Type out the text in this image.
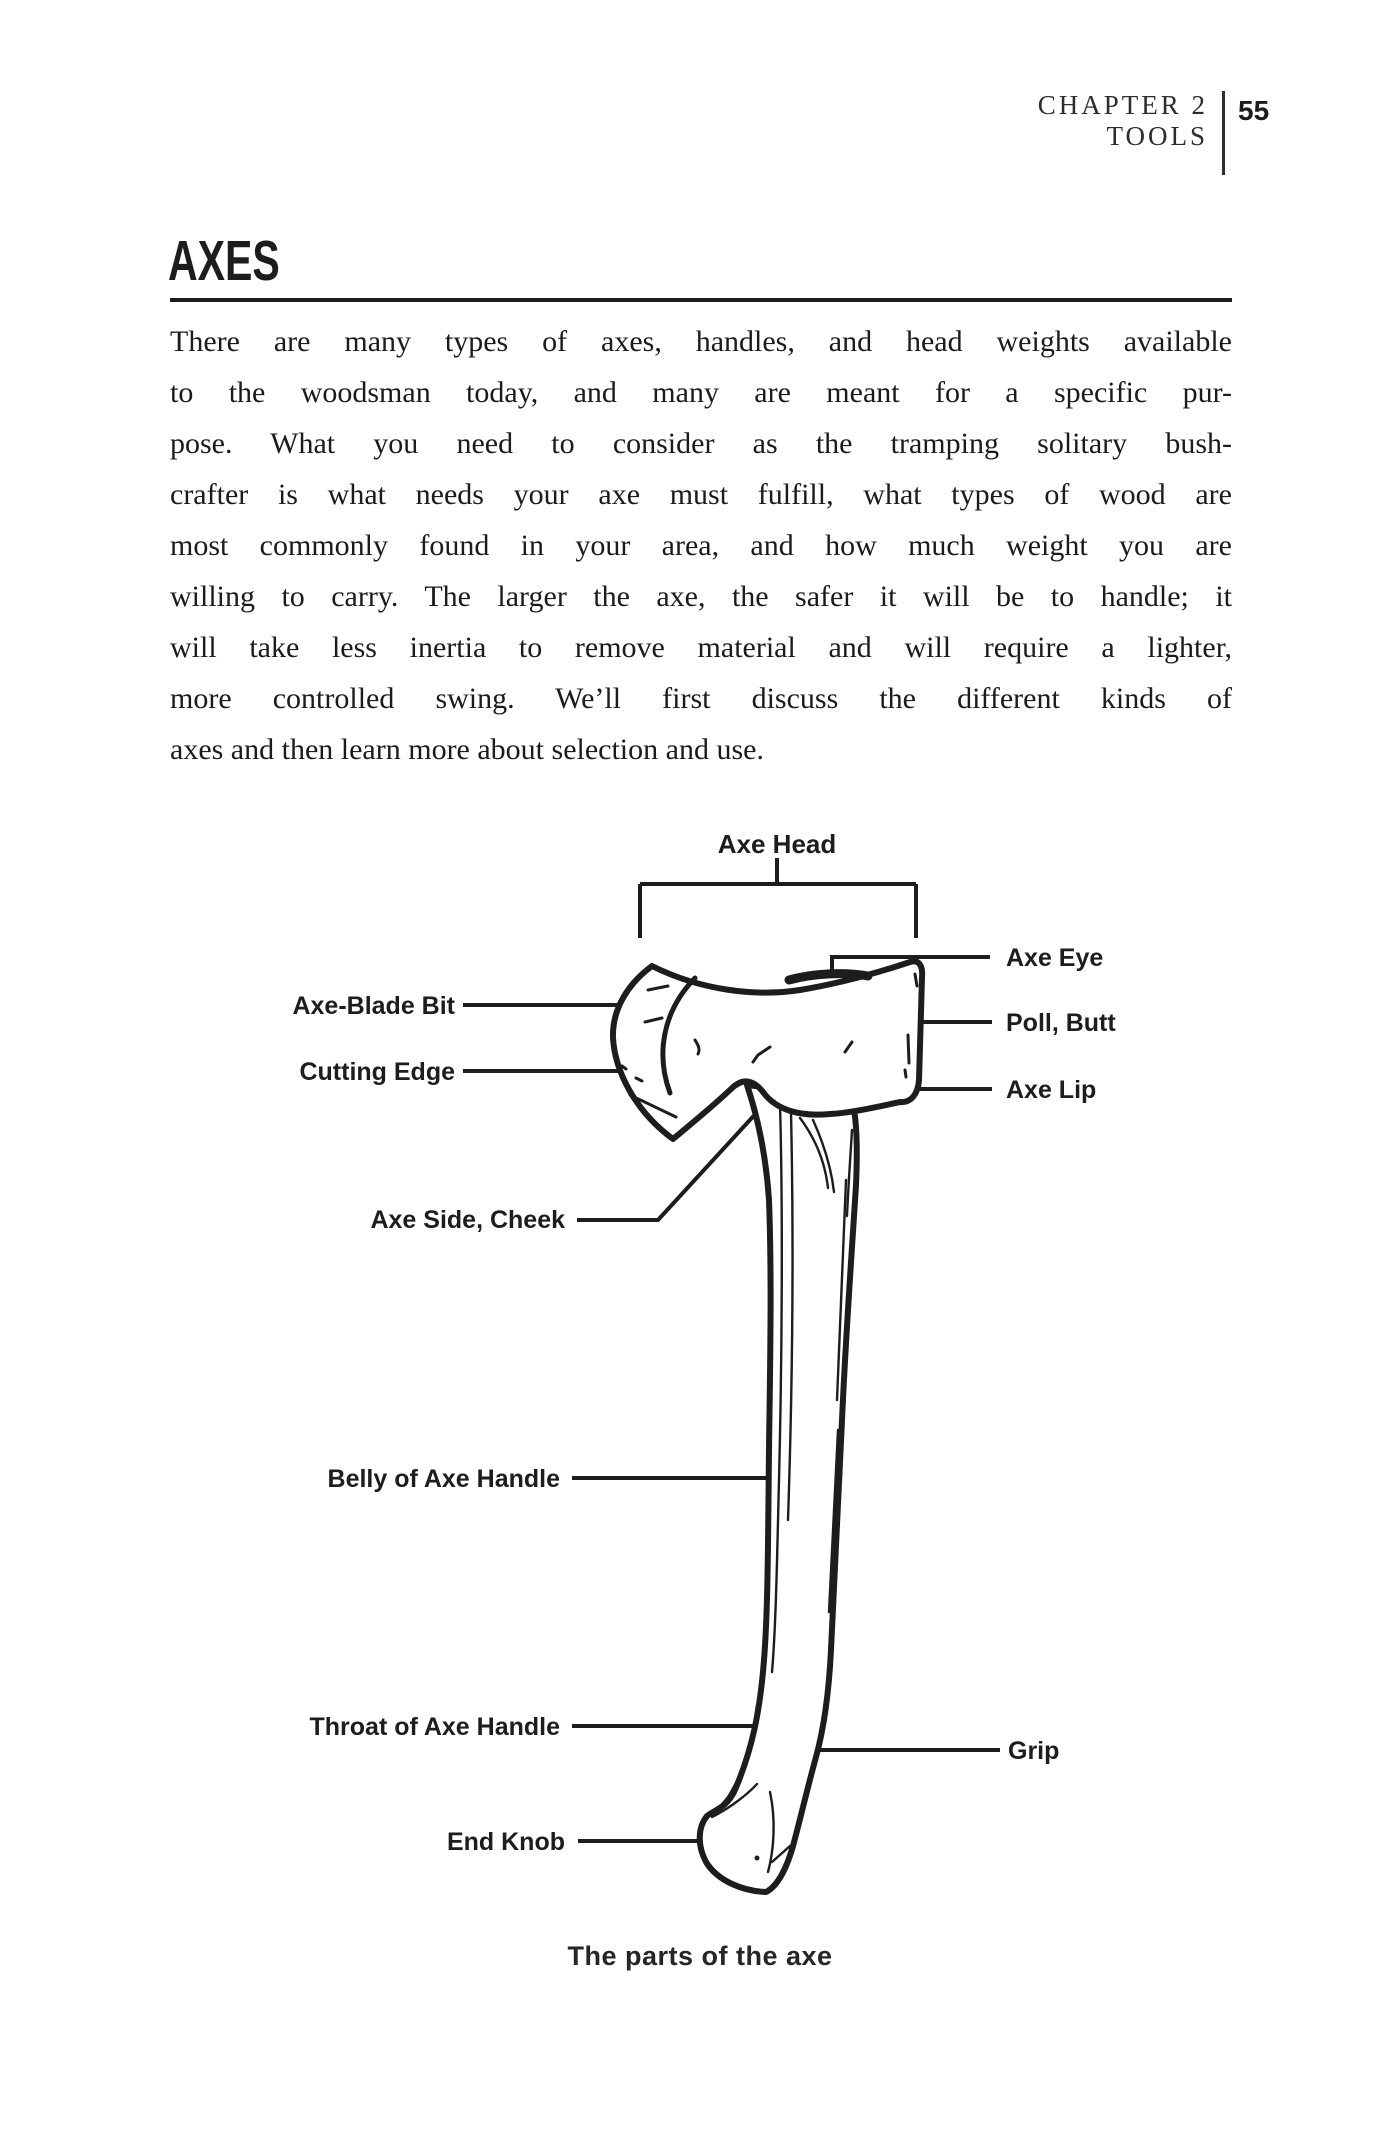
CHAPTER 2
TOOLS
55
AXES
There are many types of axes, handles, and head weights available
to the woodsman today, and many are meant for a specific pur-
pose. What you need to consider as the tramping solitary bush-
crafter is what needs your axe must fulfill, what types of wood are
most commonly found in your area, and how much weight you are
willing to carry. The larger the axe, the safer it will be to handle; it
will take less inertia to remove material and will require a lighter,
more controlled swing. We’ll first discuss the different kinds of
axes and then learn more about selection and use.
Axe Head
Axe Eye
Poll, Butt
Axe Lip
Axe-Blade Bit
Cutting Edge
Axe Side, Cheek
Belly of Axe Handle
Throat of Axe Handle
Grip
End Knob
The parts of the axe
